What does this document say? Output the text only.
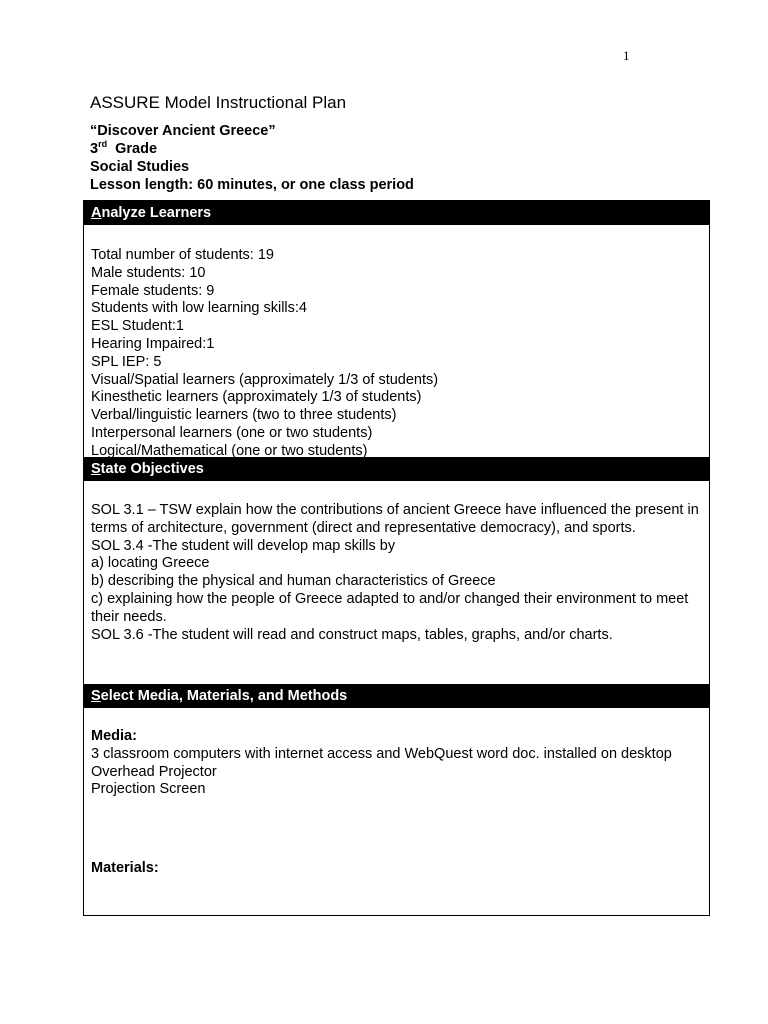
1
ASSURE Model Instructional Plan
“Discover Ancient Greece”
3rd Grade
Social Studies
Lesson length: 60 minutes, or one class period
Analyze Learners
Total number of students: 19
Male students: 10
Female students: 9
Students with low learning skills:4
ESL Student:1
Hearing Impaired:1
SPL IEP: 5
Visual/Spatial learners (approximately 1/3 of students)
Kinesthetic learners (approximately 1/3 of students)
Verbal/linguistic learners (two to three students)
Interpersonal learners (one or two students)
Logical/Mathematical (one or two students)
State Objectives
SOL 3.1 – TSW explain how the contributions of ancient Greece have influenced the present in terms of architecture, government (direct and representative democracy), and sports.
SOL 3.4 -The student will develop map skills by
a) locating Greece
b) describing the physical and human characteristics of Greece
c) explaining how the people of Greece adapted to and/or changed their environment to meet their needs.
SOL 3.6 -The student will read and construct maps, tables, graphs, and/or charts.
Select Media, Materials, and Methods
Media:
3 classroom computers with internet access and WebQuest word doc. installed on desktop
Overhead Projector
Projection Screen
Materials:
